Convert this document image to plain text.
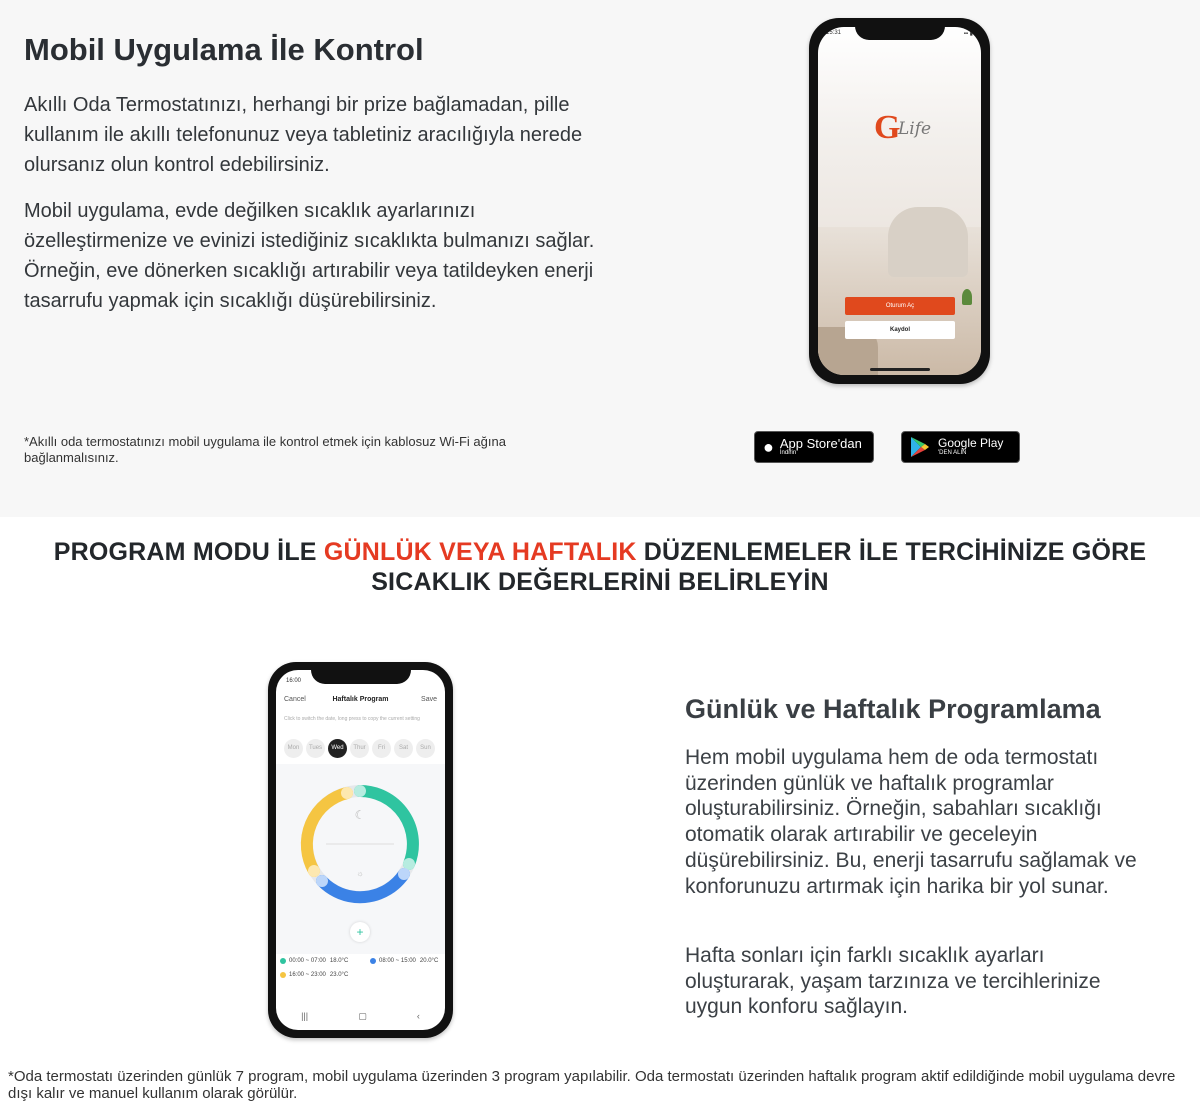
Mobil Uygulama İle Kontrol

Akıllı Oda Termostatınızı, herhangi bir prize bağlamadan, pille kullanım ile akıllı telefonunuz veya tabletiniz aracılığıyla nerede olursanız olun kontrol edebilirsiniz.

Mobil uygulama, evde değilken sıcaklık ayarlarınızı özelleştirmenize ve evinizi istediğiniz sıcaklıkta bulmanızı sağlar. Örneğin, eve dönerken sıcaklığı artırabilir veya tatildeyken enerji tasarrufu yapmak için sıcaklığı düşürebilirsiniz.

*Akıllı oda termostatınızı mobil uygulama ile kontrol etmek için kablosuz Wi-Fi ağına bağlanmalısınız.

15:31	▪▪ ▮
G
Life
Oturum Aç
Kaydol
● App Store'dan
İndirin
Google Play
'DEN ALIN
PROGRAM MODU İLE GÜNLÜK VEYA HAFTALIK DÜZENLEMELER İLE TERCİHİNİZE GÖRE
SICAKLIK DEĞERLERİNİ BELİRLEYİN
16:00
Cancel	Haftalık Program	Save
Click to switch the date, long press to copy the current setting
Mon	Tues	Wed	Thur	Fri	Sat	Sun
☾
☼
+
00:00 ~ 07:00 18.0°C	08:00 ~ 15:00 20.0°C
16:00 ~ 23:00 23.0°C
|||	▢	‹
Günlük ve Haftalık Programlama

Hem mobil uygulama hem de oda termostatı üzerinden günlük ve haftalık programlar oluşturabilirsiniz. Örneğin, sabahları sıcaklığı otomatik olarak artırabilir ve geceleyin düşürebilirsiniz. Bu, enerji tasarrufu sağlamak ve konforunuzu artırmak için harika bir yol sunar.

Hafta sonları için farklı sıcaklık ayarları oluşturarak, yaşam tarzınıza ve tercihlerinize uygun konforu sağlayın.

*Oda termostatı üzerinden günlük 7 program, mobil uygulama üzerinden 3 program yapılabilir. Oda termostatı üzerinden haftalık program aktif edildiğinde mobil uygulama devre dışı kalır ve manuel kullanım olarak görülür.
